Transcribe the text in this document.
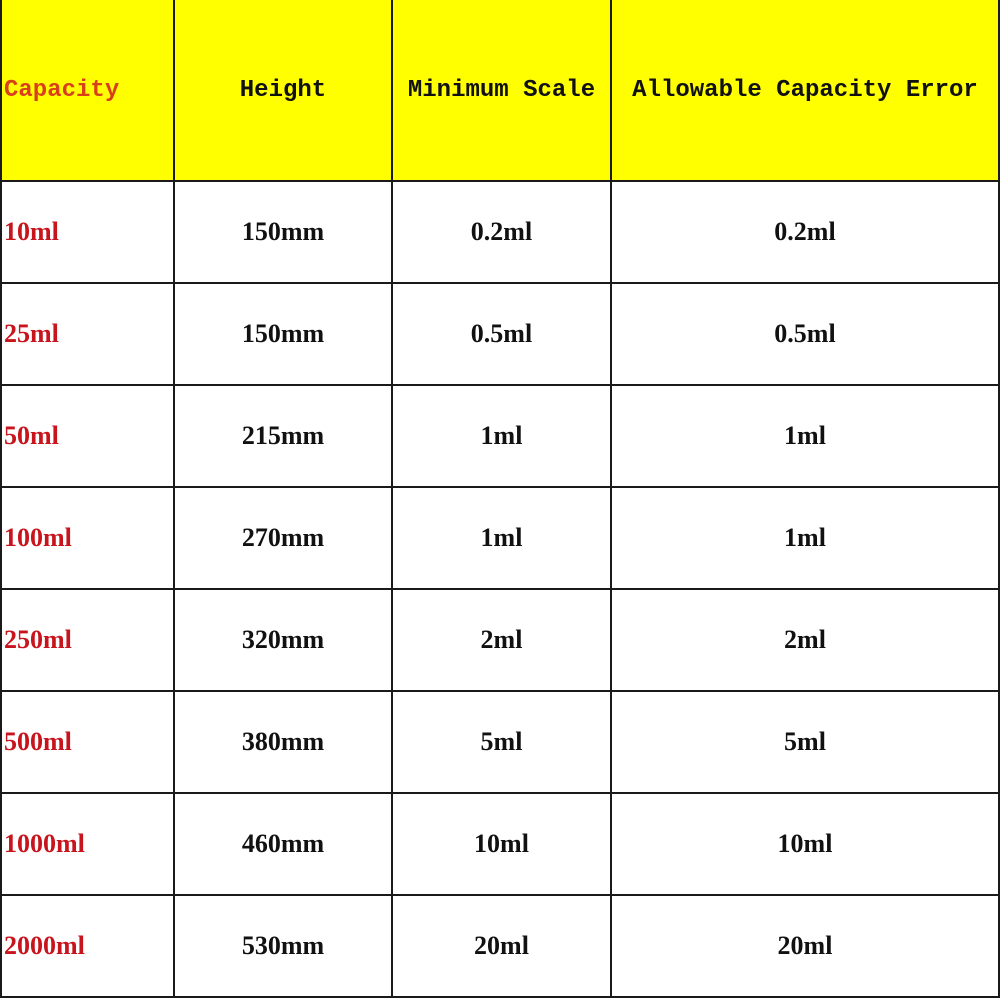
Capacity	Height	Minimum Scale	Allowable Capacity Error
10ml	150mm	0.2ml	0.2ml
25ml	150mm	0.5ml	0.5ml
50ml	215mm	1ml	1ml
100ml	270mm	1ml	1ml
250ml	320mm	2ml	2ml
500ml	380mm	5ml	5ml
1000ml	460mm	10ml	10ml
2000ml	530mm	20ml	20ml
